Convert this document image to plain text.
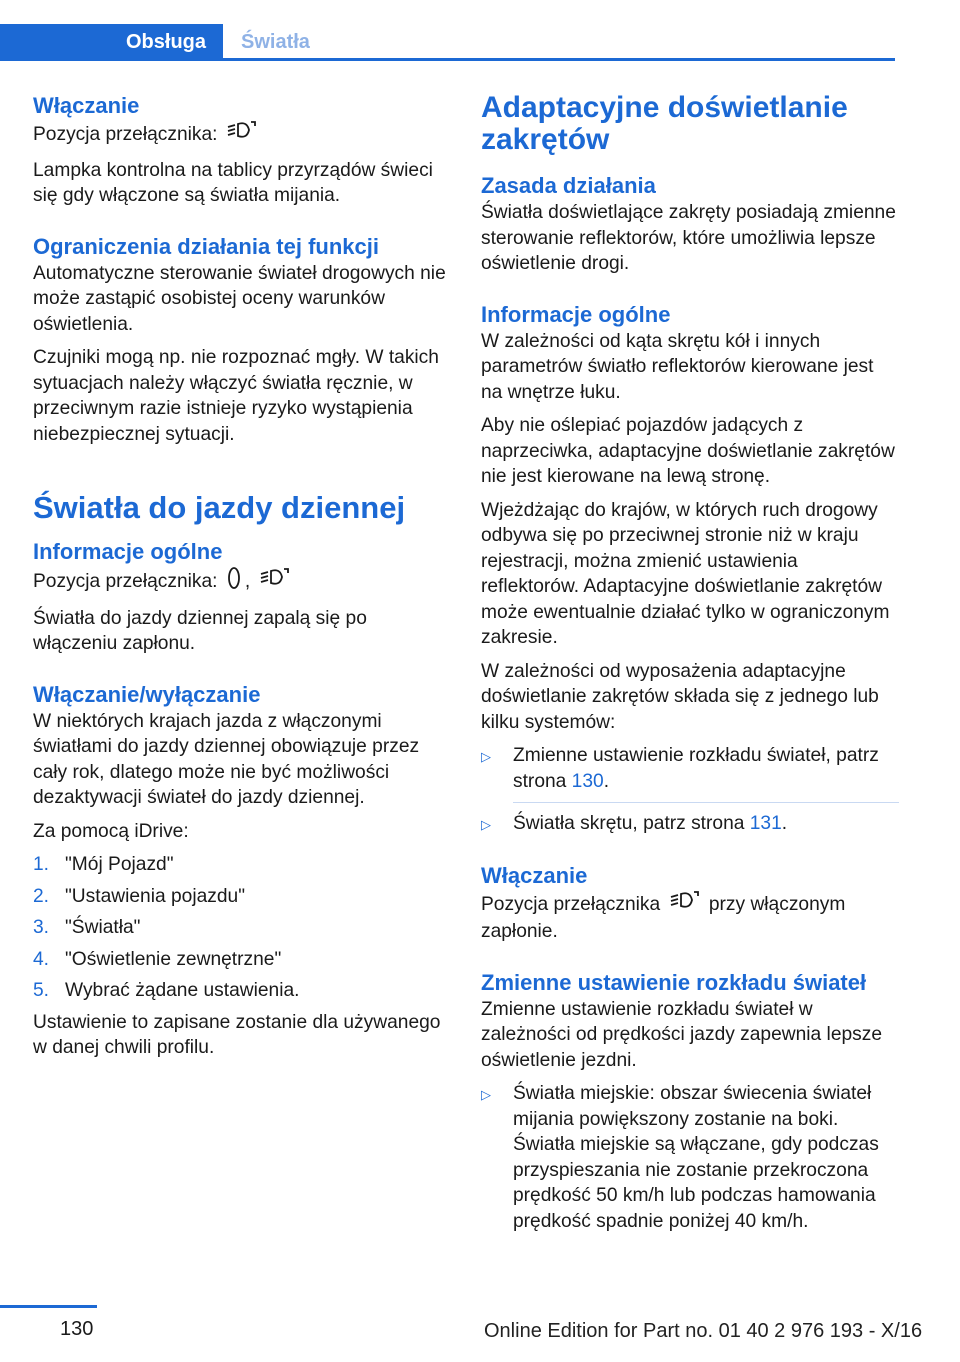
Obsługa	Światła
Włączanie

Pozycja przełącznika:

Lampka kontrolna na tablicy przyrządów świeci się gdy włączone są światła mijania.

Ograniczenia działania tej funkcji

Automatyczne sterowanie świateł drogowych nie może zastąpić osobistej oceny warunków oświetlenia.

Czujniki mogą np. nie rozpoznać mgły. W takich sytuacjach należy włączyć światła ręcznie, w przeciwnym razie istnieje ryzyko wystąpienia niebezpiecznej sytuacji.

Światła do jazdy dziennej
Informacje ogólne

Pozycja przełącznika: ,

Światła do jazdy dziennej zapalą się po włączeniu zapłonu.

Włączanie/wyłączanie

W niektórych krajach jazda z włączonymi światłami do jazdy dziennej obowiązuje przez cały rok, dlatego może nie być możliwości dezaktywacji świateł do jazdy dziennej.

Za pomocą iDrive:

1. "Mój Pojazd"
2. "Ustawienia pojazdu"
3. "Światła"
4. "Oświetlenie zewnętrzne"
5. Wybrać żądane ustawienia.

Ustawienie to zapisane zostanie dla używanego w danej chwili profilu.

Adaptacyjne doświetlanie zakrętów
Zasada działania

Światła doświetlające zakręty posiadają zmienne sterowanie reflektorów, które umożliwia lepsze oświetlenie drogi.

Informacje ogólne

W zależności od kąta skrętu kół i innych parametrów światło reflektorów kierowane jest na wnętrze łuku.

Aby nie oślepiać pojazdów jadących z naprzeciwka, adaptacyjne doświetlanie zakrętów nie jest kierowane na lewą stronę.

Wjeżdżając do krajów, w których ruch drogowy odbywa się po przeciwnej stronie niż w kraju rejestracji, można zmienić ustawienia reflektorów. Adaptacyjne doświetlanie zakrętów może ewentualnie działać tylko w ograniczonym zakresie.

W zależności od wyposażenia adaptacyjne doświetlanie zakrętów składa się z jednego lub kilku systemów:

▷	Zmienne ustawienie rozkładu świateł, patrz strona 130.
▷	Światła skrętu, patrz strona 131.
Włączanie

Pozycja przełącznika	przy włączonym zapłonie.

Zmienne ustawienie rozkładu świateł

Zmienne ustawienie rozkładu świateł w zależności od prędkości jazdy zapewnia lepsze oświetlenie jezdni.

▷	Światła miejskie: obszar świecenia świateł mijania powiększony zostanie na boki. Światła miejskie są włączane, gdy podczas przyspieszania nie zostanie przekroczona prędkość 50 km/h lub podczas hamowania prędkość spadnie poniżej 40 km/h.
130	Online Edition for Part no. 01 40 2 976 193 - X/16
